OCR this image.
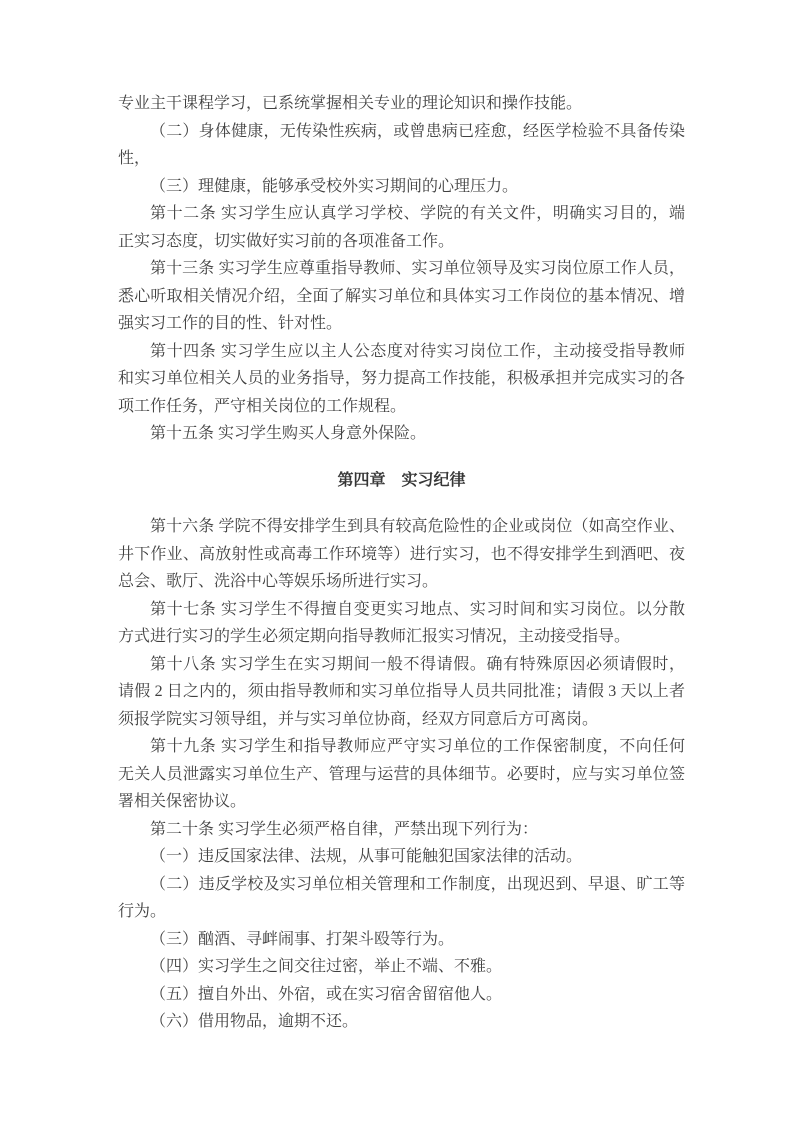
专业主干课程学习，已系统掌握相关专业的理论知识和操作技能。
（二）身体健康，无传染性疾病，或曾患病已痊愈，经医学检验不具备传染
性，
（三）理健康，能够承受校外实习期间的心理压力。
第十二条 实习学生应认真学习学校、学院的有关文件，明确实习目的，端
正实习态度，切实做好实习前的各项准备工作。
第十三条 实习学生应尊重指导教师、实习单位领导及实习岗位原工作人员，
悉心听取相关情况介绍，全面了解实习单位和具体实习工作岗位的基本情况、增
强实习工作的目的性、针对性。
第十四条 实习学生应以主人公态度对待实习岗位工作，主动接受指导教师
和实习单位相关人员的业务指导，努力提高工作技能，积极承担并完成实习的各
项工作任务，严守相关岗位的工作规程。
第十五条 实习学生购买人身意外保险。
第四章　实习纪律
第十六条 学院不得安排学生到具有较高危险性的企业或岗位（如高空作业、
井下作业、高放射性或高毒工作环境等）进行实习，也不得安排学生到酒吧、夜
总会、歌厅、洗浴中心等娱乐场所进行实习。
第十七条 实习学生不得擅自变更实习地点、实习时间和实习岗位。以分散
方式进行实习的学生必须定期向指导教师汇报实习情况，主动接受指导。
第十八条 实习学生在实习期间一般不得请假。确有特殊原因必须请假时，
请假 2 日之内的，须由指导教师和实习单位指导人员共同批准；请假 3 天以上者
须报学院实习领导组，并与实习单位协商，经双方同意后方可离岗。
第十九条 实习学生和指导教师应严守实习单位的工作保密制度，不向任何
无关人员泄露实习单位生产、管理与运营的具体细节。必要时，应与实习单位签
署相关保密协议。
第二十条 实习学生必须严格自律，严禁出现下列行为：
（一）违反国家法律、法规，从事可能触犯国家法律的活动。
（二）违反学校及实习单位相关管理和工作制度，出现迟到、早退、旷工等
行为。
（三）酗酒、寻衅闹事、打架斗殴等行为。
（四）实习学生之间交往过密，举止不端、不雅。
（五）擅自外出、外宿，或在实习宿舍留宿他人。
（六）借用物品，逾期不还。
